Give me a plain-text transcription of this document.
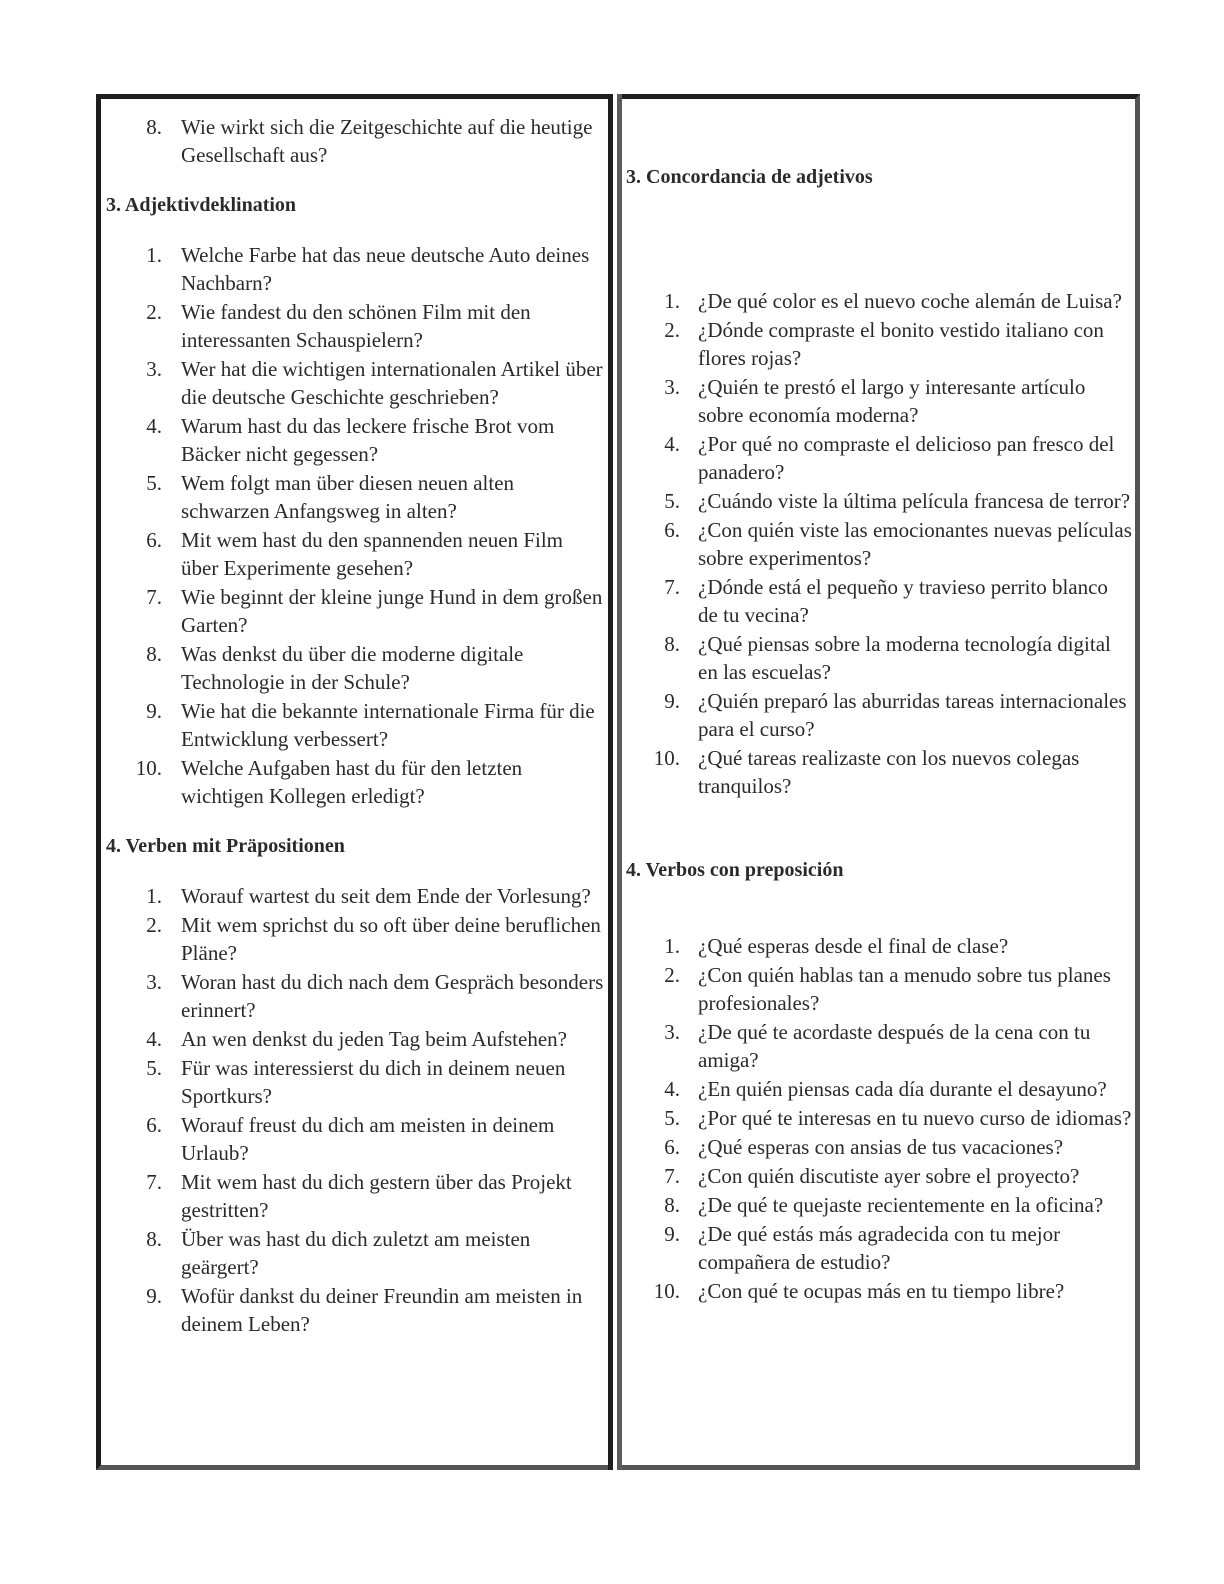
8. Wie wirkt sich die Zeitgeschichte auf die heutige Gesellschaft aus?

3. Adjektivdeklination

1. Welche Farbe hat das neue deutsche Auto deines Nachbarn?
2. Wie fandest du den schönen Film mit den interessanten Schauspielern?
3. Wer hat die wichtigen internationalen Artikel über die deutsche Geschichte geschrieben?
4. Warum hast du das leckere frische Brot vom Bäcker nicht gegessen?
5. Wem folgt man über diesen neuen alten schwarzen Anfangsweg in alten?
6. Mit wem hast du den spannenden neuen Film über Experimente gesehen?
7. Wie beginnt der kleine junge Hund in dem großen Garten?
8. Was denkst du über die moderne digitale Technologie in der Schule?
9. Wie hat die bekannte internationale Firma für die Entwicklung verbessert?
10. Welche Aufgaben hast du für den letzten wichtigen Kollegen erledigt?

4. Verben mit Präpositionen

1. Worauf wartest du seit dem Ende der Vorlesung?
2. Mit wem sprichst du so oft über deine beruflichen Pläne?
3. Woran hast du dich nach dem Gespräch besonders erinnert?
4. An wen denkst du jeden Tag beim Aufstehen?
5. Für was interessierst du dich in deinem neuen Sportkurs?
6. Worauf freust du dich am meisten in deinem Urlaub?
7. Mit wem hast du dich gestern über das Projekt gestritten?
8. Über was hast du dich zuletzt am meisten geärgert?
9. Wofür dankst du deiner Freundin am meisten in deinem Leben?

3. Concordancia de adjetivos

1. ¿De qué color es el nuevo coche alemán de Luisa?
2. ¿Dónde compraste el bonito vestido italiano con flores rojas?
3. ¿Quién te prestó el largo y interesante artículo sobre economía moderna?
4. ¿Por qué no compraste el delicioso pan fresco del panadero?
5. ¿Cuándo viste la última película francesa de terror?
6. ¿Con quién viste las emocionantes nuevas películas sobre experimentos?
7. ¿Dónde está el pequeño y travieso perrito blanco de tu vecina?
8. ¿Qué piensas sobre la moderna tecnología digital en las escuelas?
9. ¿Quién preparó las aburridas tareas internacionales para el curso?
10. ¿Qué tareas realizaste con los nuevos colegas tranquilos?

4. Verbos con preposición

1. ¿Qué esperas desde el final de clase?
2. ¿Con quién hablas tan a menudo sobre tus planes profesionales?
3. ¿De qué te acordaste después de la cena con tu amiga?
4. ¿En quién piensas cada día durante el desayuno?
5. ¿Por qué te interesas en tu nuevo curso de idiomas?
6. ¿Qué esperas con ansias de tus vacaciones?
7. ¿Con quién discutiste ayer sobre el proyecto?
8. ¿De qué te quejaste recientemente en la oficina?
9. ¿De qué estás más agradecida con tu mejor compañera de estudio?
10. ¿Con qué te ocupas más en tu tiempo libre?
